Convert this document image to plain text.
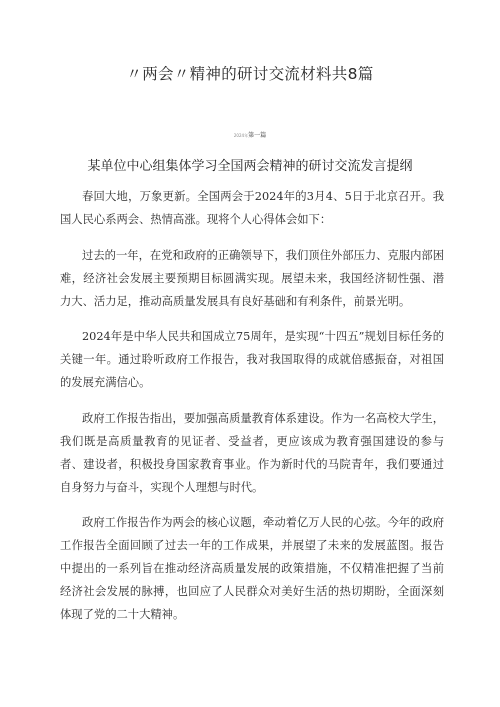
〃两会〃精神的研讨交流材料共8篇
2024年第一篇
某单位中心组集体学习全国两会精神的研讨交流发言提纲

春回大地，万象更新。全国两会于2024年的3月4、5日于北京召开。我国人民心系两会、热情高涨。现将个人心得体会如下：

过去的一年，在党和政府的正确领导下，我们顶住外部压力、克服内部困难，经济社会发展主要预期目标圆满实现。展望未来，我国经济韧性强、潜力大、活力足，推动高质量发展具有良好基础和有利条件，前景光明。

2024年是中华人民共和国成立75周年，是实现“十四五”规划目标任务的关键一年。通过聆听政府工作报告，我对我国取得的成就倍感振奋，对祖国的发展充满信心。

政府工作报告指出，要加强高质量教育体系建设。作为一名高校大学生，我们既是高质量教育的见证者、受益者，更应该成为教育强国建设的参与者、建设者，积极投身国家教育事业。作为新时代的马院青年，我们要通过自身努力与奋斗，实现个人理想与时代。

政府工作报告作为两会的核心议题，牵动着亿万人民的心弦。今年的政府工作报告全面回顾了过去一年的工作成果，并展望了未来的发展蓝图。报告中提出的一系列旨在推动经济高质量发展的政策措施，不仅精准把握了当前经济社会发展的脉搏，也回应了人民群众对美好生活的热切期盼，全面深刻体现了党的二十大精神。
